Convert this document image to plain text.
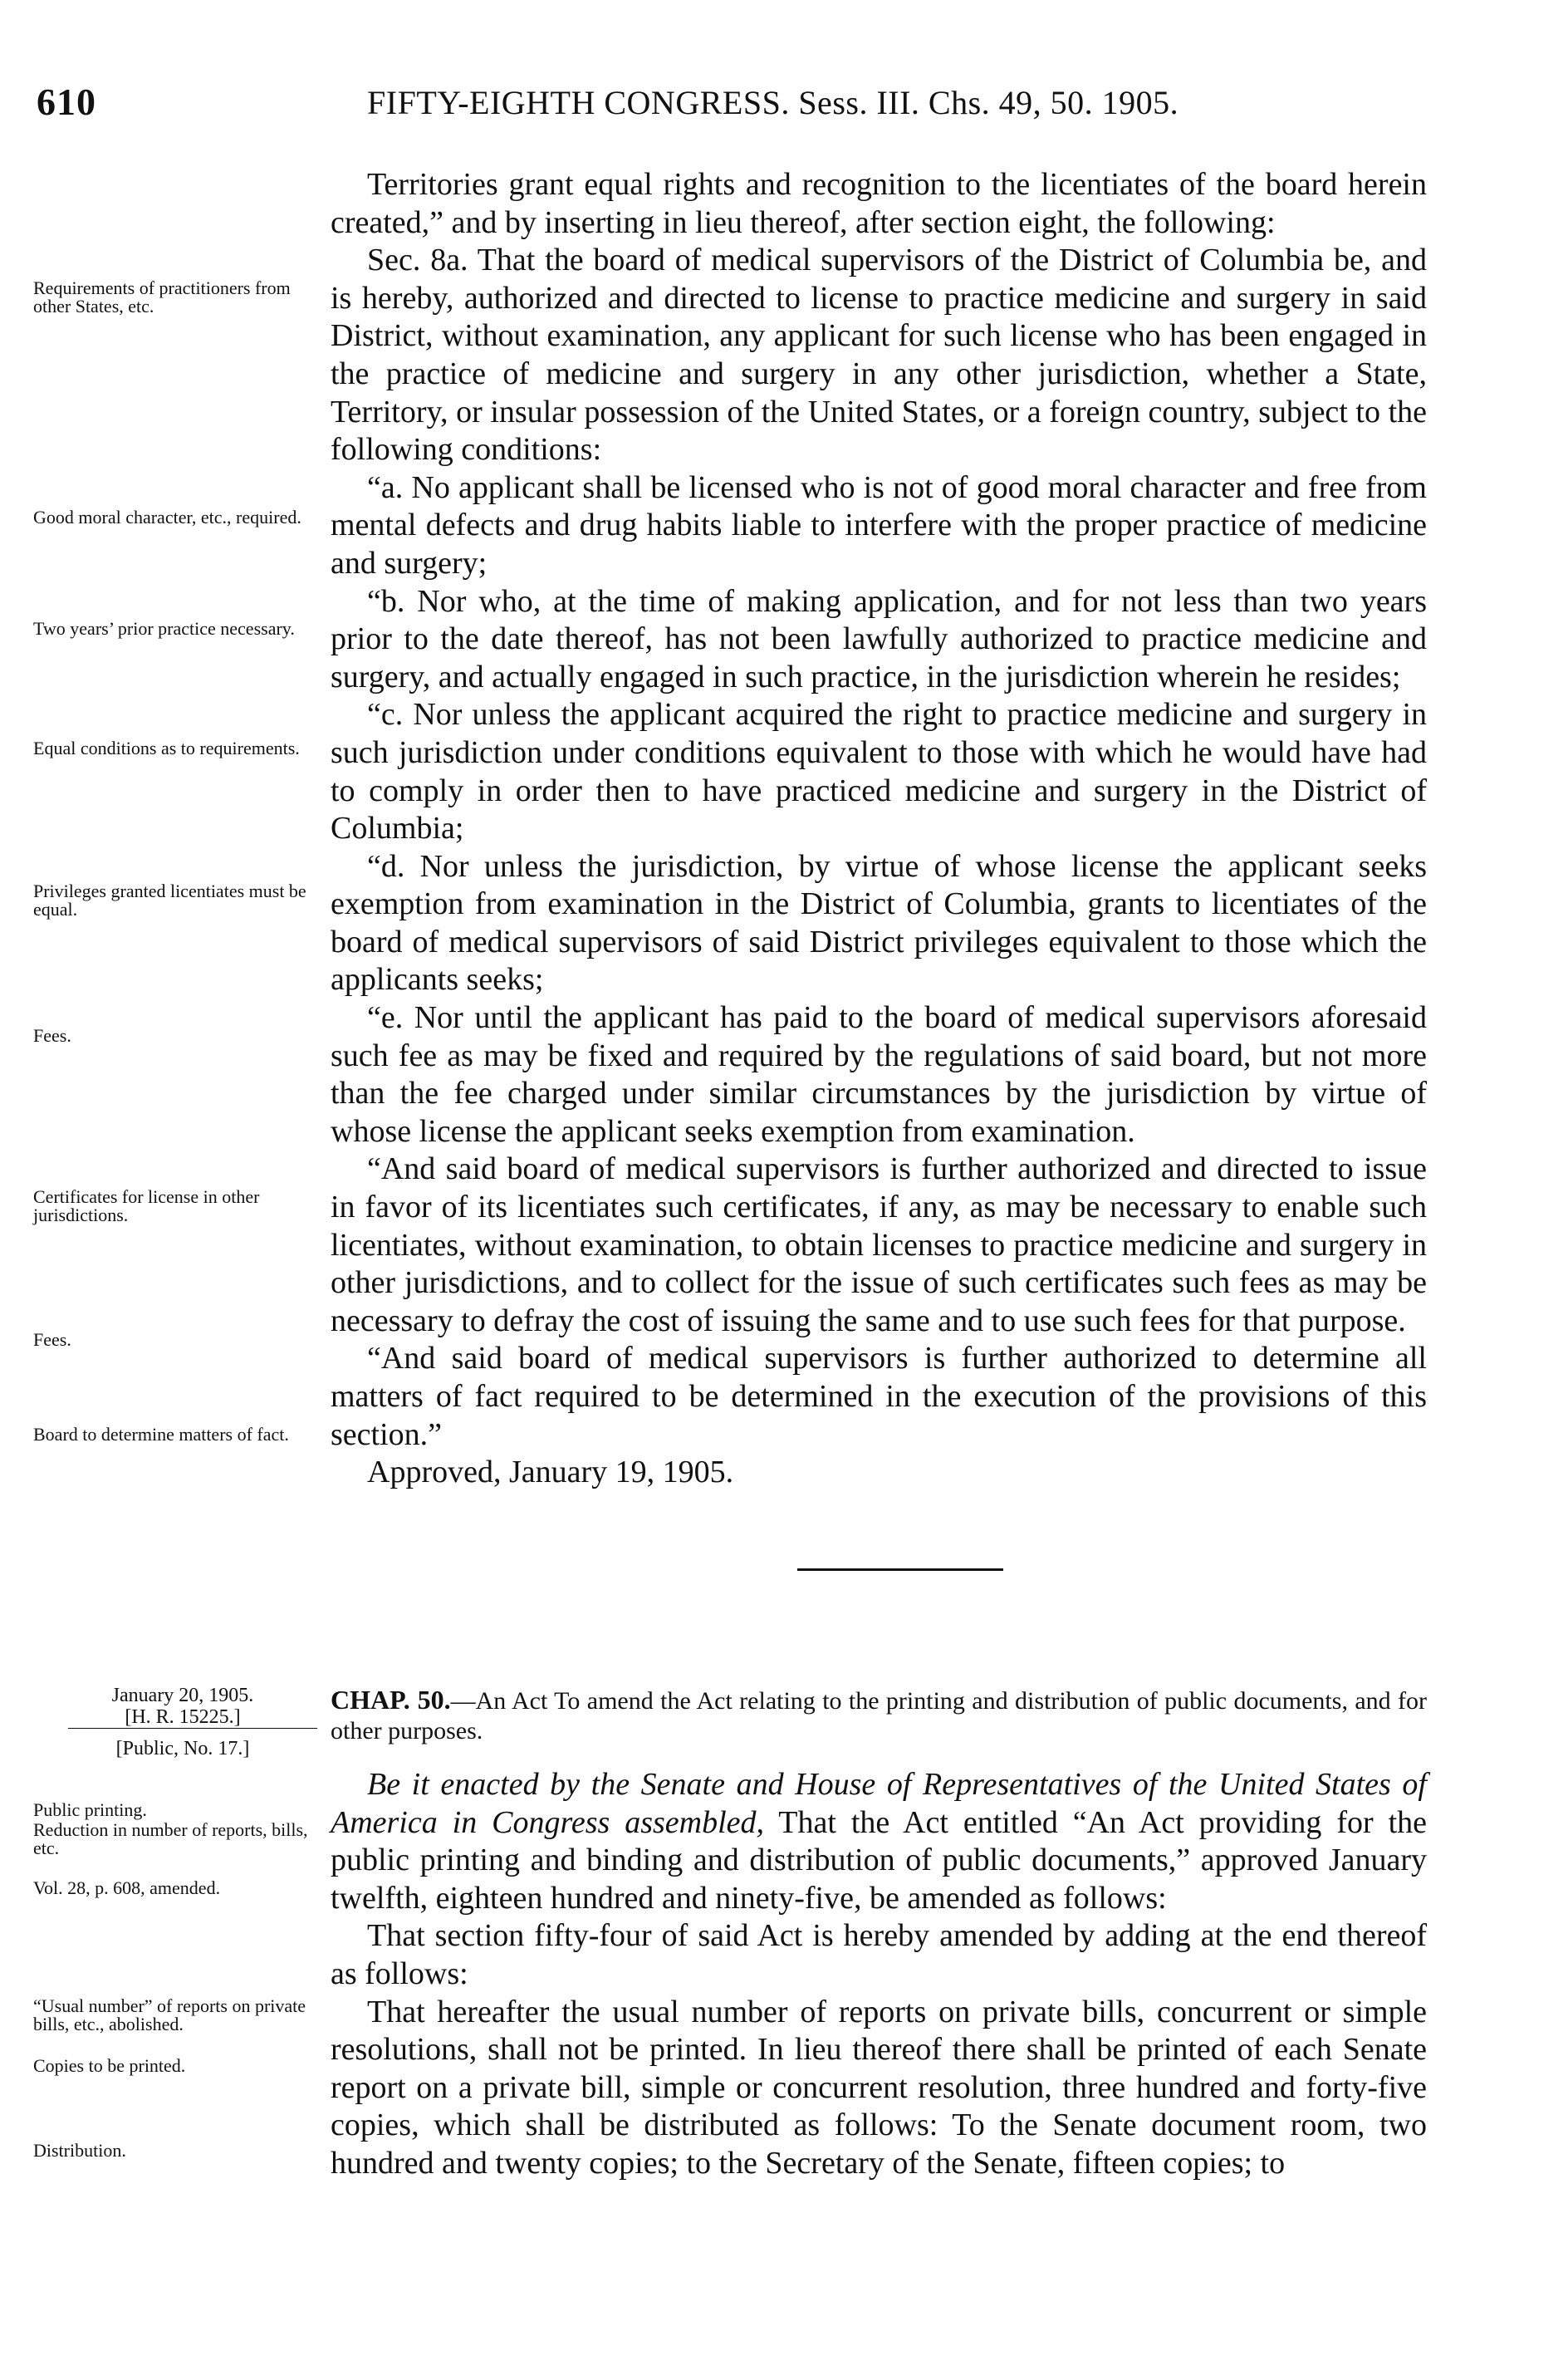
610	FIFTY-EIGHTH CONGRESS. Sess. III. Chs. 49, 50. 1905.

Territories grant equal rights and recognition to the licentiates of the board herein created,” and by inserting in lieu thereof, after section eight, the following:

Sec. 8a. That the board of medical supervisors of the District of Columbia be, and is hereby, authorized and directed to license to practice medicine and surgery in said District, without examination, any applicant for such license who has been engaged in the practice of medicine and surgery in any other jurisdiction, whether a State, Territory, or insular possession of the United States, or a foreign country, subject to the following conditions:

“a. No applicant shall be licensed who is not of good moral character and free from mental defects and drug habits liable to interfere with the proper practice of medicine and surgery;

“b. Nor who, at the time of making application, and for not less than two years prior to the date thereof, has not been lawfully authorized to practice medicine and surgery, and actually engaged in such practice, in the jurisdiction wherein he resides;

“c. Nor unless the applicant acquired the right to practice medicine and surgery in such jurisdiction under conditions equivalent to those with which he would have had to comply in order then to have practiced medicine and surgery in the District of Columbia;

“d. Nor unless the jurisdiction, by virtue of whose license the applicant seeks exemption from examination in the District of Columbia, grants to licentiates of the board of medical supervisors of said District privileges equivalent to those which the applicants seeks;

“e. Nor until the applicant has paid to the board of medical supervisors aforesaid such fee as may be fixed and required by the regulations of said board, but not more than the fee charged under similar circumstances by the jurisdiction by virtue of whose license the applicant seeks exemption from examination.

“And said board of medical supervisors is further authorized and directed to issue in favor of its licentiates such certificates, if any, as may be necessary to enable such licentiates, without examination, to obtain licenses to practice medicine and surgery in other jurisdictions, and to collect for the issue of such certificates such fees as may be necessary to defray the cost of issuing the same and to use such fees for that purpose.

“And said board of medical supervisors is further authorized to determine all matters of fact required to be determined in the execution of the provisions of this section.”

Approved, January 19, 1905.

Requirements of practitioners from other States, etc.
Good moral character, etc., required.
Two years’ prior practice necessary.
Equal conditions as to requirements.
Privileges granted licentiates must be equal.
Fees.
Certificates for license in other jurisdictions.
Fees.
Board to determine matters of fact.
January 20, 1905.
[H. R. 15225.]
[Public, No. 17.]
CHAP. 50.—An Act To amend the Act relating to the printing and distribution of public documents, and for other purposes.

Be it enacted by the Senate and House of Representatives of the United States of America in Congress assembled, That the Act entitled “An Act providing for the public printing and binding and distribution of public documents,” approved January twelfth, eighteen hundred and ninety-five, be amended as follows:

That section fifty-four of said Act is hereby amended by adding at the end thereof as follows:

That hereafter the usual number of reports on private bills, concurrent or simple resolutions, shall not be printed. In lieu thereof there shall be printed of each Senate report on a private bill, simple or concurrent resolution, three hundred and forty-five copies, which shall be distributed as follows: To the Senate document room, two hundred and twenty copies; to the Secretary of the Senate, fifteen copies; to

Public printing.
Reduction in number of reports, bills, etc.
Vol. 28, p. 608, amended.
“Usual number” of reports on private bills, etc., abolished.
Copies to be printed.
Distribution.
